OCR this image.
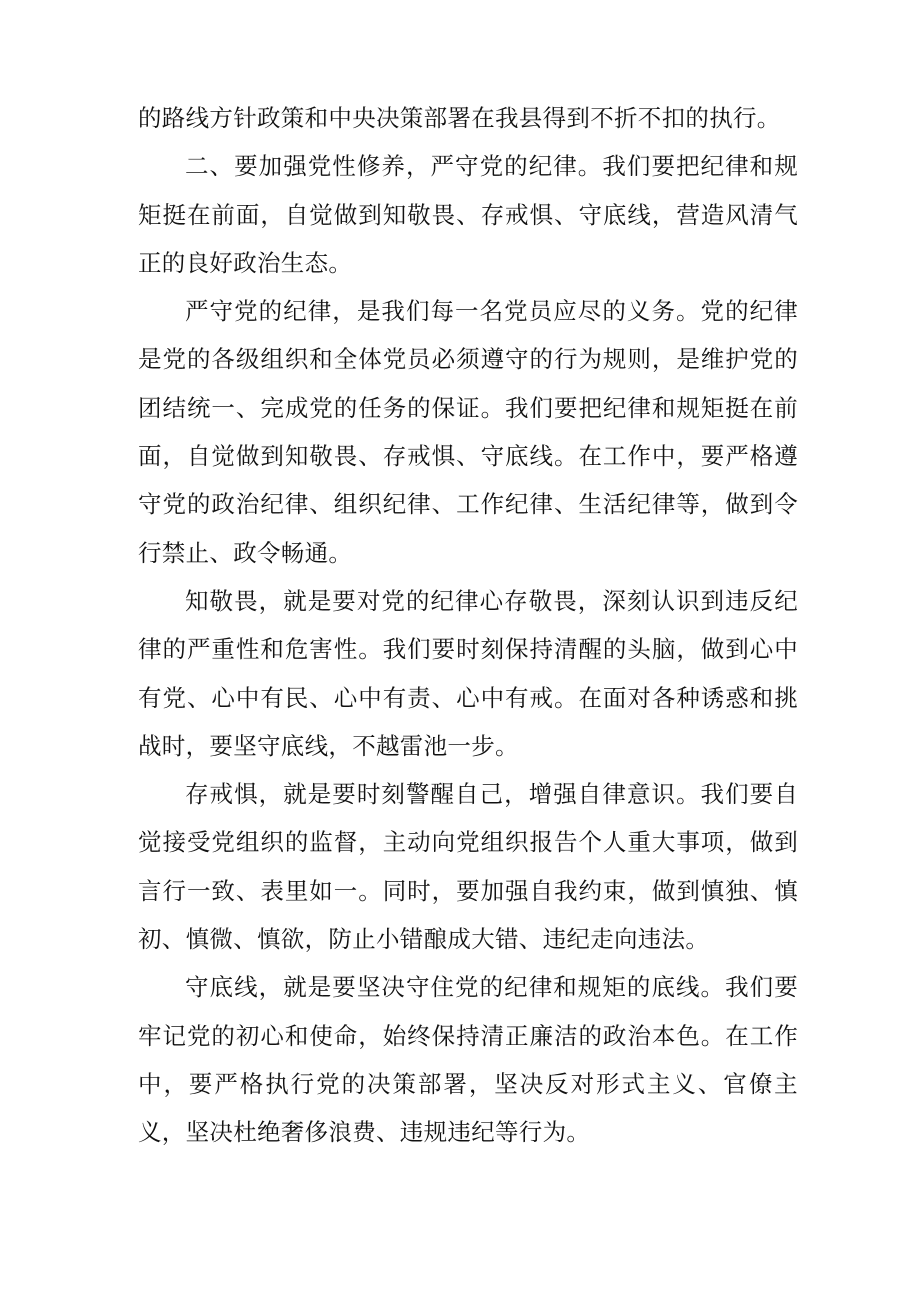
的路线方针政策和中央决策部署在我县得到不折不扣的执行。

二、要加强党性修养，严守党的纪律。我们要把纪律和规矩挺在前面，自觉做到知敬畏、存戒惧、守底线，营造风清气正的良好政治生态。

严守党的纪律，是我们每一名党员应尽的义务。党的纪律是党的各级组织和全体党员必须遵守的行为规则，是维护党的团结统一、完成党的任务的保证。我们要把纪律和规矩挺在前面，自觉做到知敬畏、存戒惧、守底线。在工作中，要严格遵守党的政治纪律、组织纪律、工作纪律、生活纪律等，做到令行禁止、政令畅通。

知敬畏，就是要对党的纪律心存敬畏，深刻认识到违反纪律的严重性和危害性。我们要时刻保持清醒的头脑，做到心中有党、心中有民、心中有责、心中有戒。在面对各种诱惑和挑战时，要坚守底线，不越雷池一步。

存戒惧，就是要时刻警醒自己，增强自律意识。我们要自觉接受党组织的监督，主动向党组织报告个人重大事项，做到言行一致、表里如一。同时，要加强自我约束，做到慎独、慎初、慎微、慎欲，防止小错酿成大错、违纪走向违法。

守底线，就是要坚决守住党的纪律和规矩的底线。我们要牢记党的初心和使命，始终保持清正廉洁的政治本色。在工作中，要严格执行党的决策部署，坚决反对形式主义、官僚主义，坚决杜绝奢侈浪费、违规违纪等行为。
